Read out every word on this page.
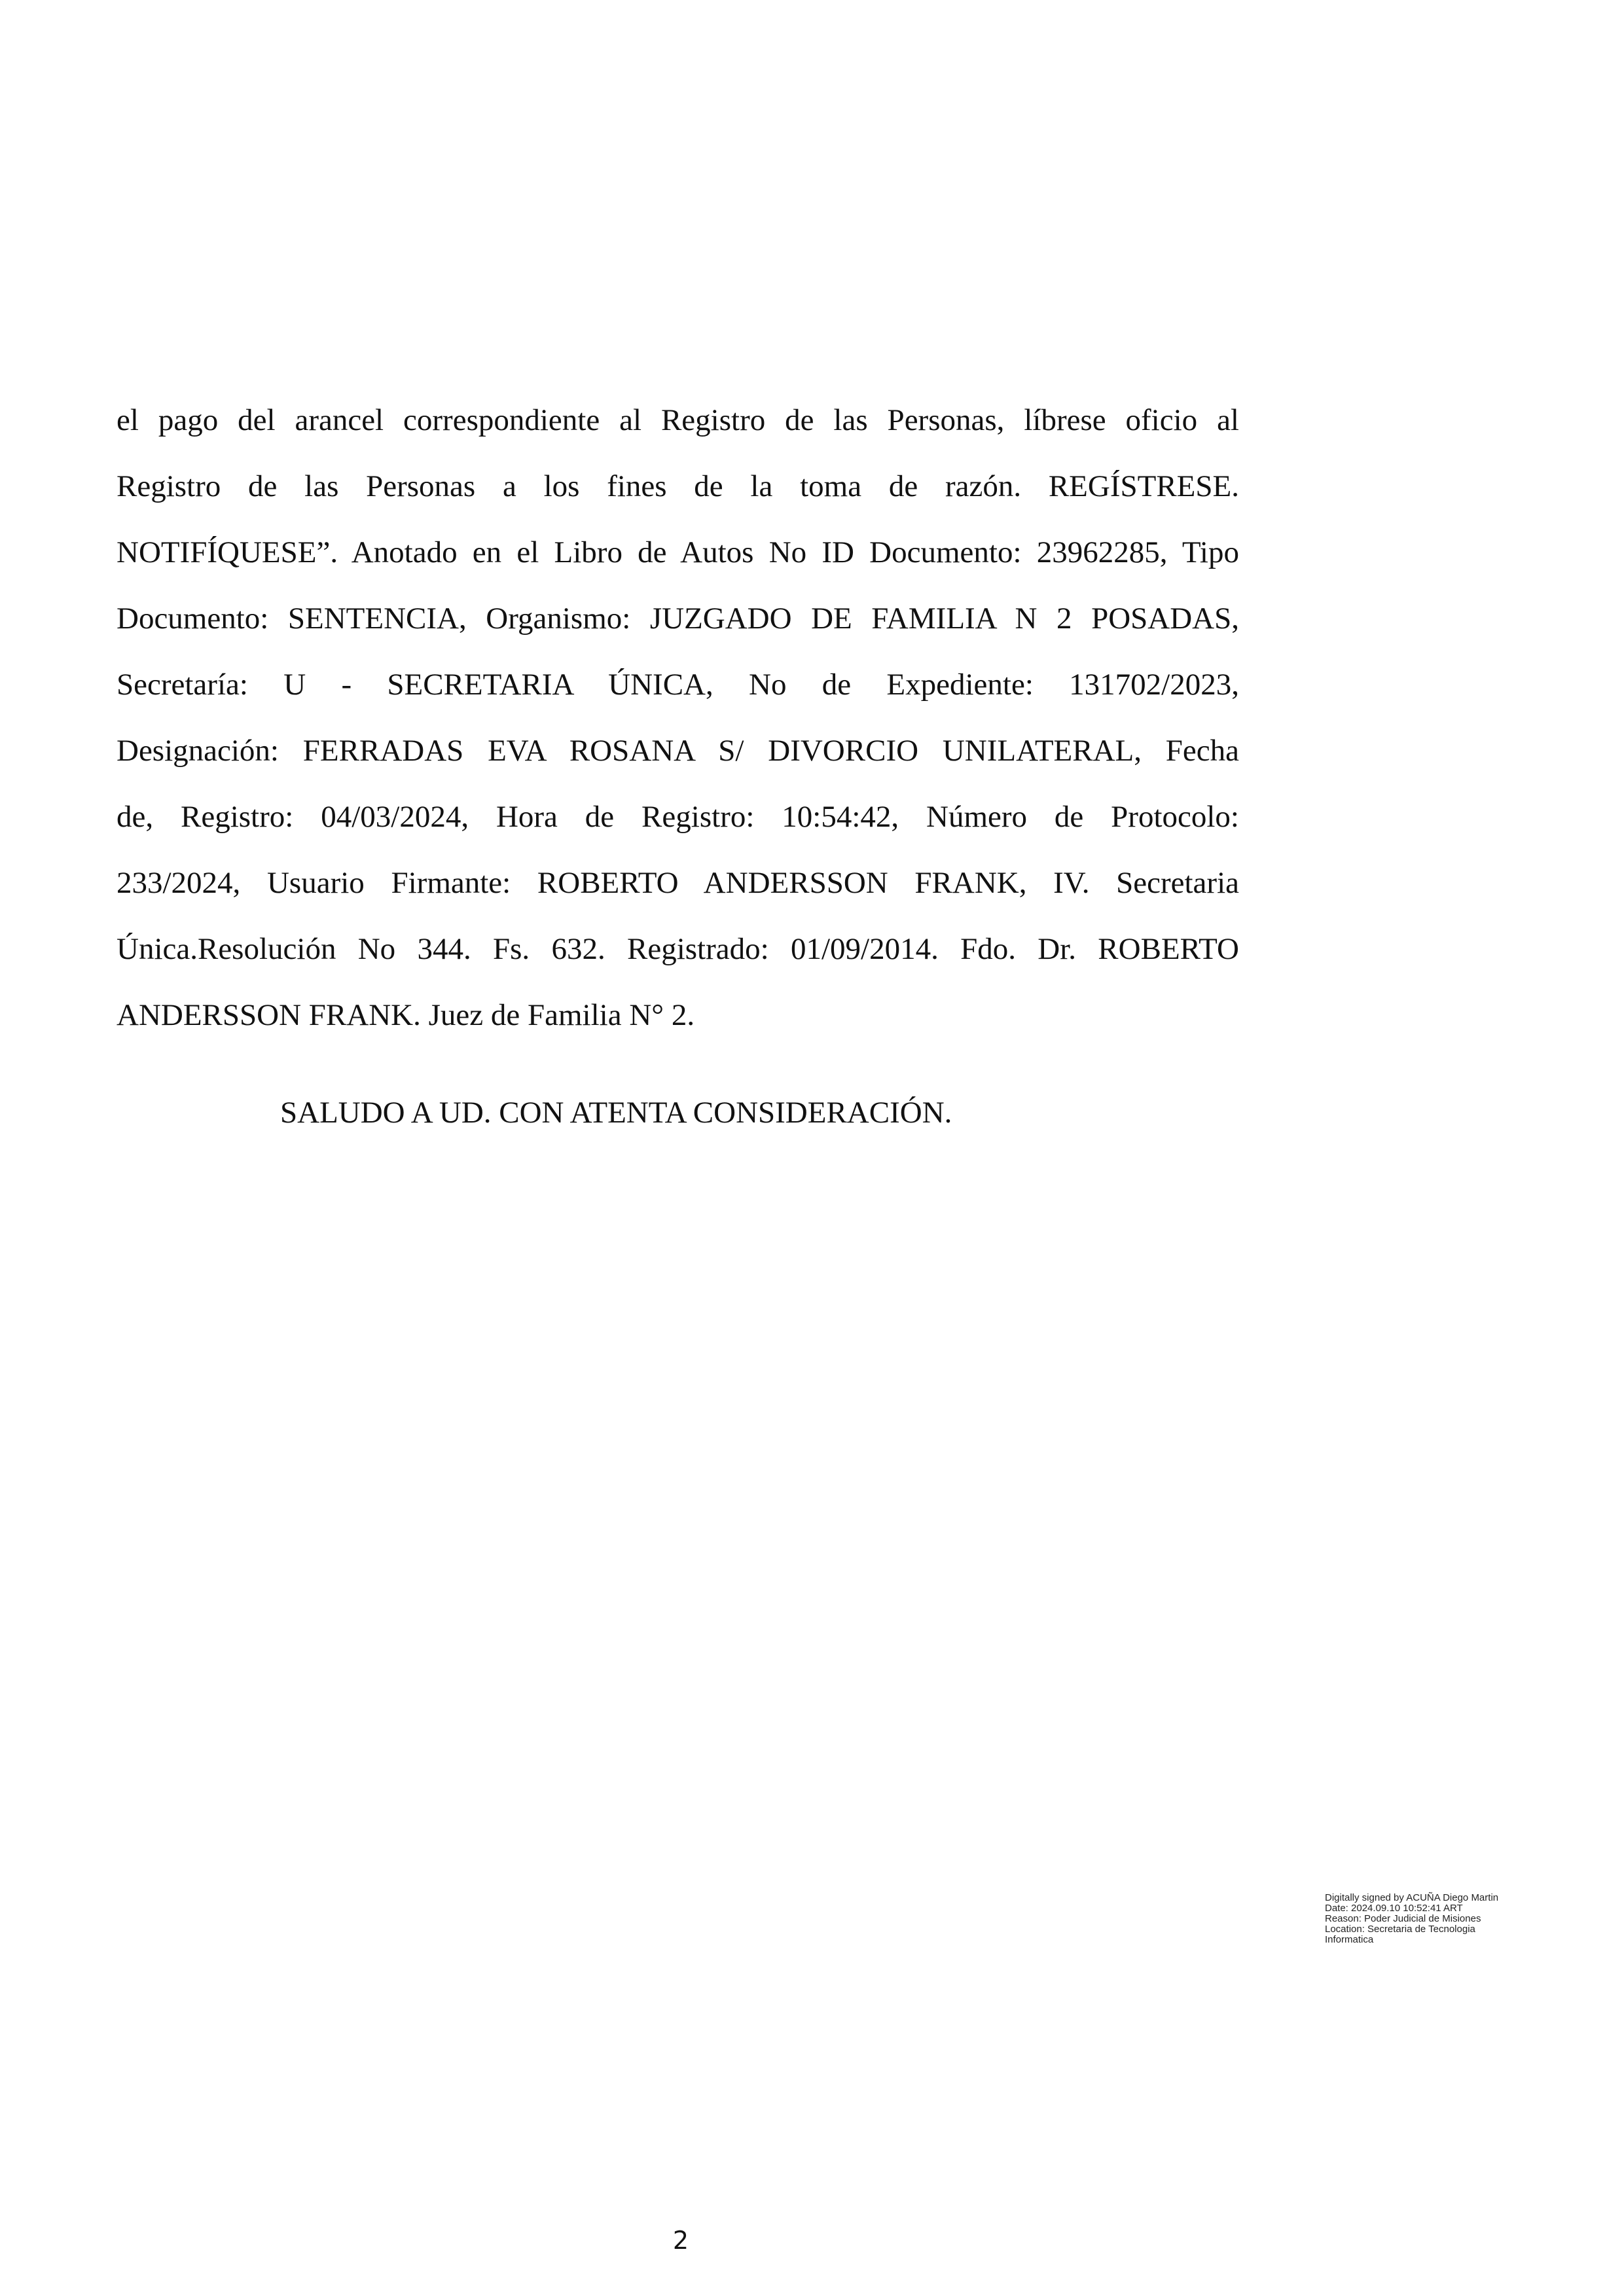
el pago del arancel correspondiente al Registro de las Personas, líbrese oficio al
Registro de las Personas a los fines de la toma de razón. REGÍSTRESE.
NOTIFÍQUESE”. Anotado en el Libro de Autos No ID Documento: 23962285, Tipo
Documento: SENTENCIA, Organismo: JUZGADO DE FAMILIA N 2 POSADAS,
Secretaría: U - SECRETARIA ÚNICA, No de Expediente: 131702/2023,
Designación: FERRADAS EVA ROSANA S/ DIVORCIO UNILATERAL, Fecha
de, Registro: 04/03/2024, Hora de Registro: 10:54:42, Número de Protocolo:
233/2024, Usuario Firmante: ROBERTO ANDERSSON FRANK, IV. Secretaria
Única.Resolución No 344. Fs. 632. Registrado: 01/09/2014. Fdo. Dr. ROBERTO
ANDERSSON FRANK. Juez de Familia N° 2.
SALUDO A UD. CON ATENTA CONSIDERACIÓN.
Digitally signed by ACUÑA Diego Martin
Date: 2024.09.10 10:52:41 ART
Reason: Poder Judicial de Misiones
Location: Secretaria de Tecnologia
Informatica
2
